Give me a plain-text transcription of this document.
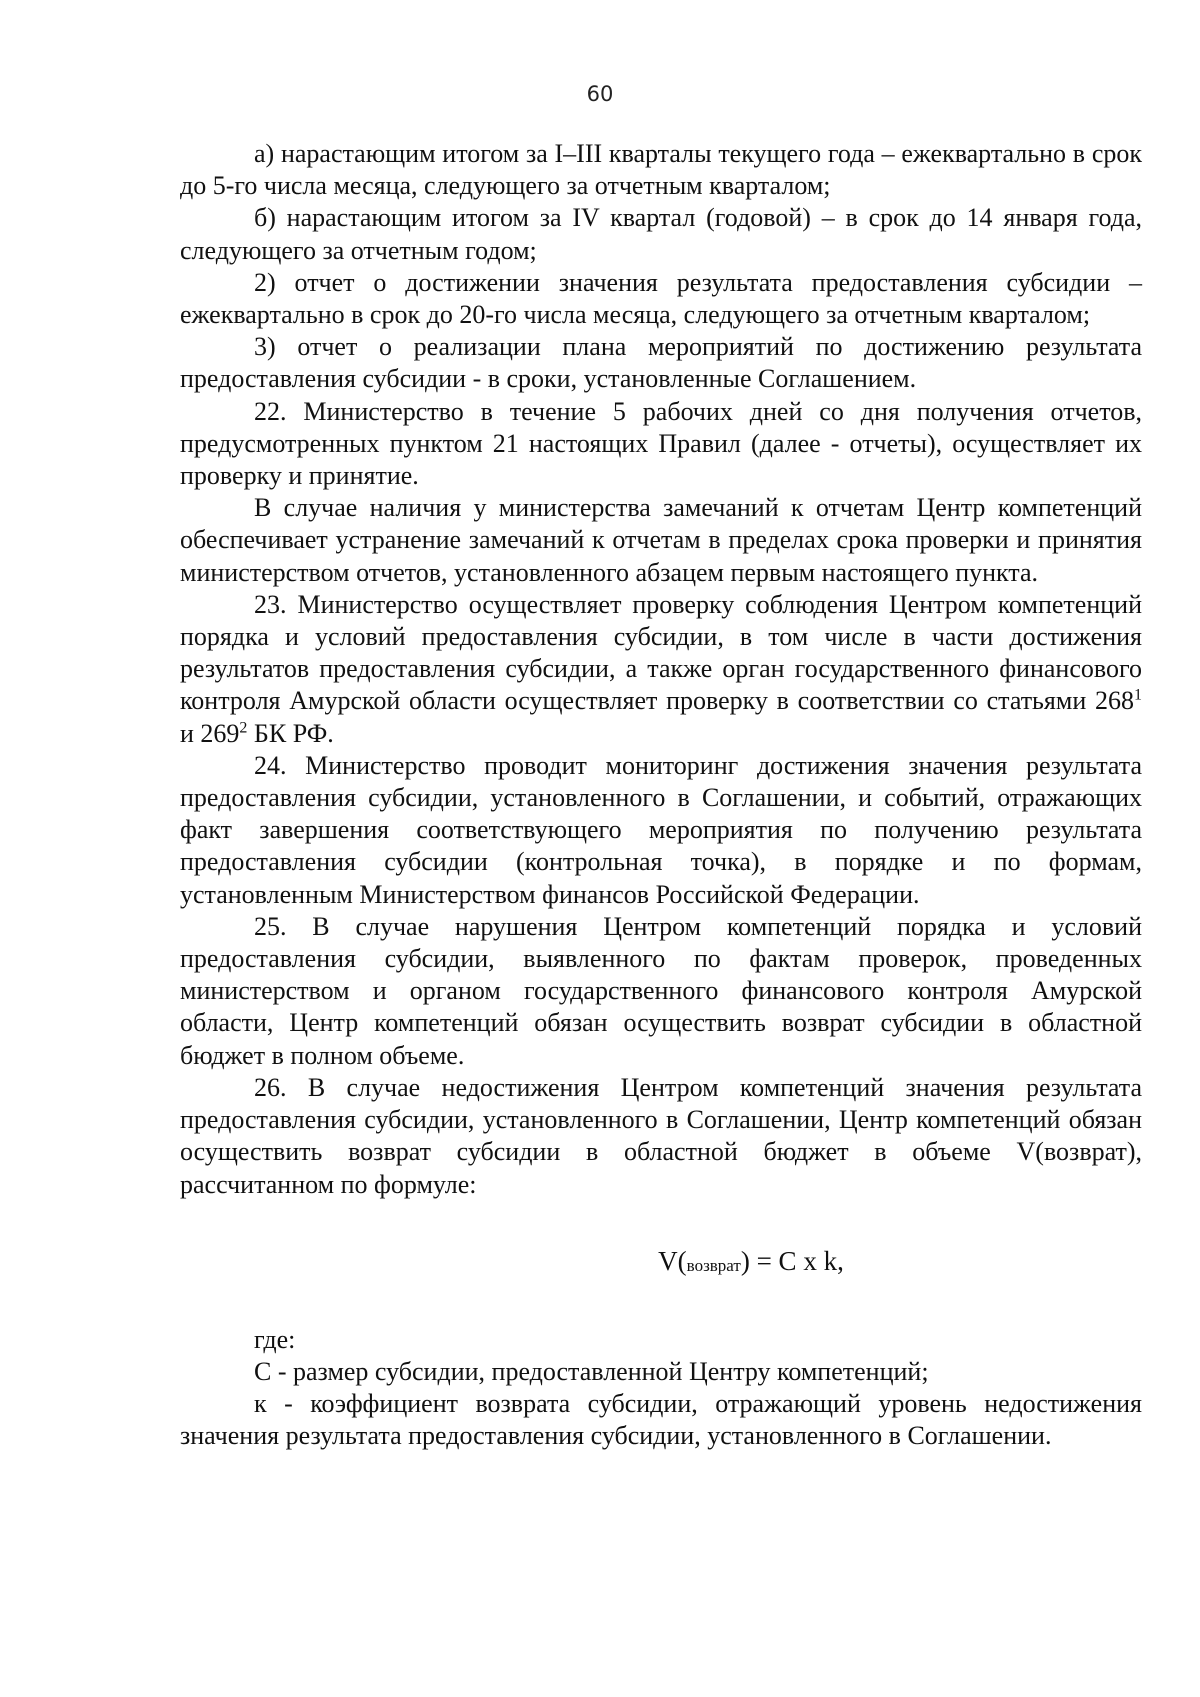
60

а) нарастающим итогом за I–III кварталы текущего года – ежеквартально в срок до 5-го числа месяца, следующего за отчетным кварталом;

б) нарастающим итогом за IV квартал (годовой) – в срок до 14 января года, следующего за отчетным годом;

2) отчет о достижении значения результата предоставления субсидии – ежеквартально в срок до 20-го числа месяца, следующего за отчетным кварталом;

3) отчет о реализации плана мероприятий по достижению результата предоставления субсидии - в сроки, установленные Соглашением.

22. Министерство в течение 5 рабочих дней со дня получения отчетов, предусмотренных пунктом 21 настоящих Правил (далее - отчеты), осуществляет их проверку и принятие.

В случае наличия у министерства замечаний к отчетам Центр компетенций обеспечивает устранение замечаний к отчетам в пределах срока проверки и принятия министерством отчетов, установленного абзацем первым настоящего пункта.

23. Министерство осуществляет проверку соблюдения Центром компетенций порядка и условий предоставления субсидии, в том числе в части достижения результатов предоставления субсидии, а также орган государственного финансового контроля Амурской области осуществляет проверку в соответствии со статьями $268^1$ и $269^2$ БК РФ.

24. Министерство проводит мониторинг достижения значения результата предоставления субсидии, установленного в Соглашении, и событий, отражающих факт завершения соответствующего мероприятия по получению результата предоставления субсидии (контрольная точка), в порядке и по формам, установленным Министерством финансов Российской Федерации.

25. В случае нарушения Центром компетенций порядка и условий предоставления субсидии, выявленного по фактам проверок, проведенных министерством и органом государственного финансового контроля Амурской области, Центр компетенций обязан осуществить возврат субсидии в областной бюджет в полном объеме.

26. В случае недостижения Центром компетенций значения результата предоставления субсидии, установленного в Соглашении, Центр компетенций обязан осуществить возврат субсидии в областной бюджет в объеме V(возврат), рассчитанном по формуле:

V(возврат) = C x k,

где:

С - размер субсидии, предоставленной Центру компетенций;

к - коэффициент возврата субсидии, отражающий уровень недостижения значения результата предоставления субсидии, установленного в Соглашении.
